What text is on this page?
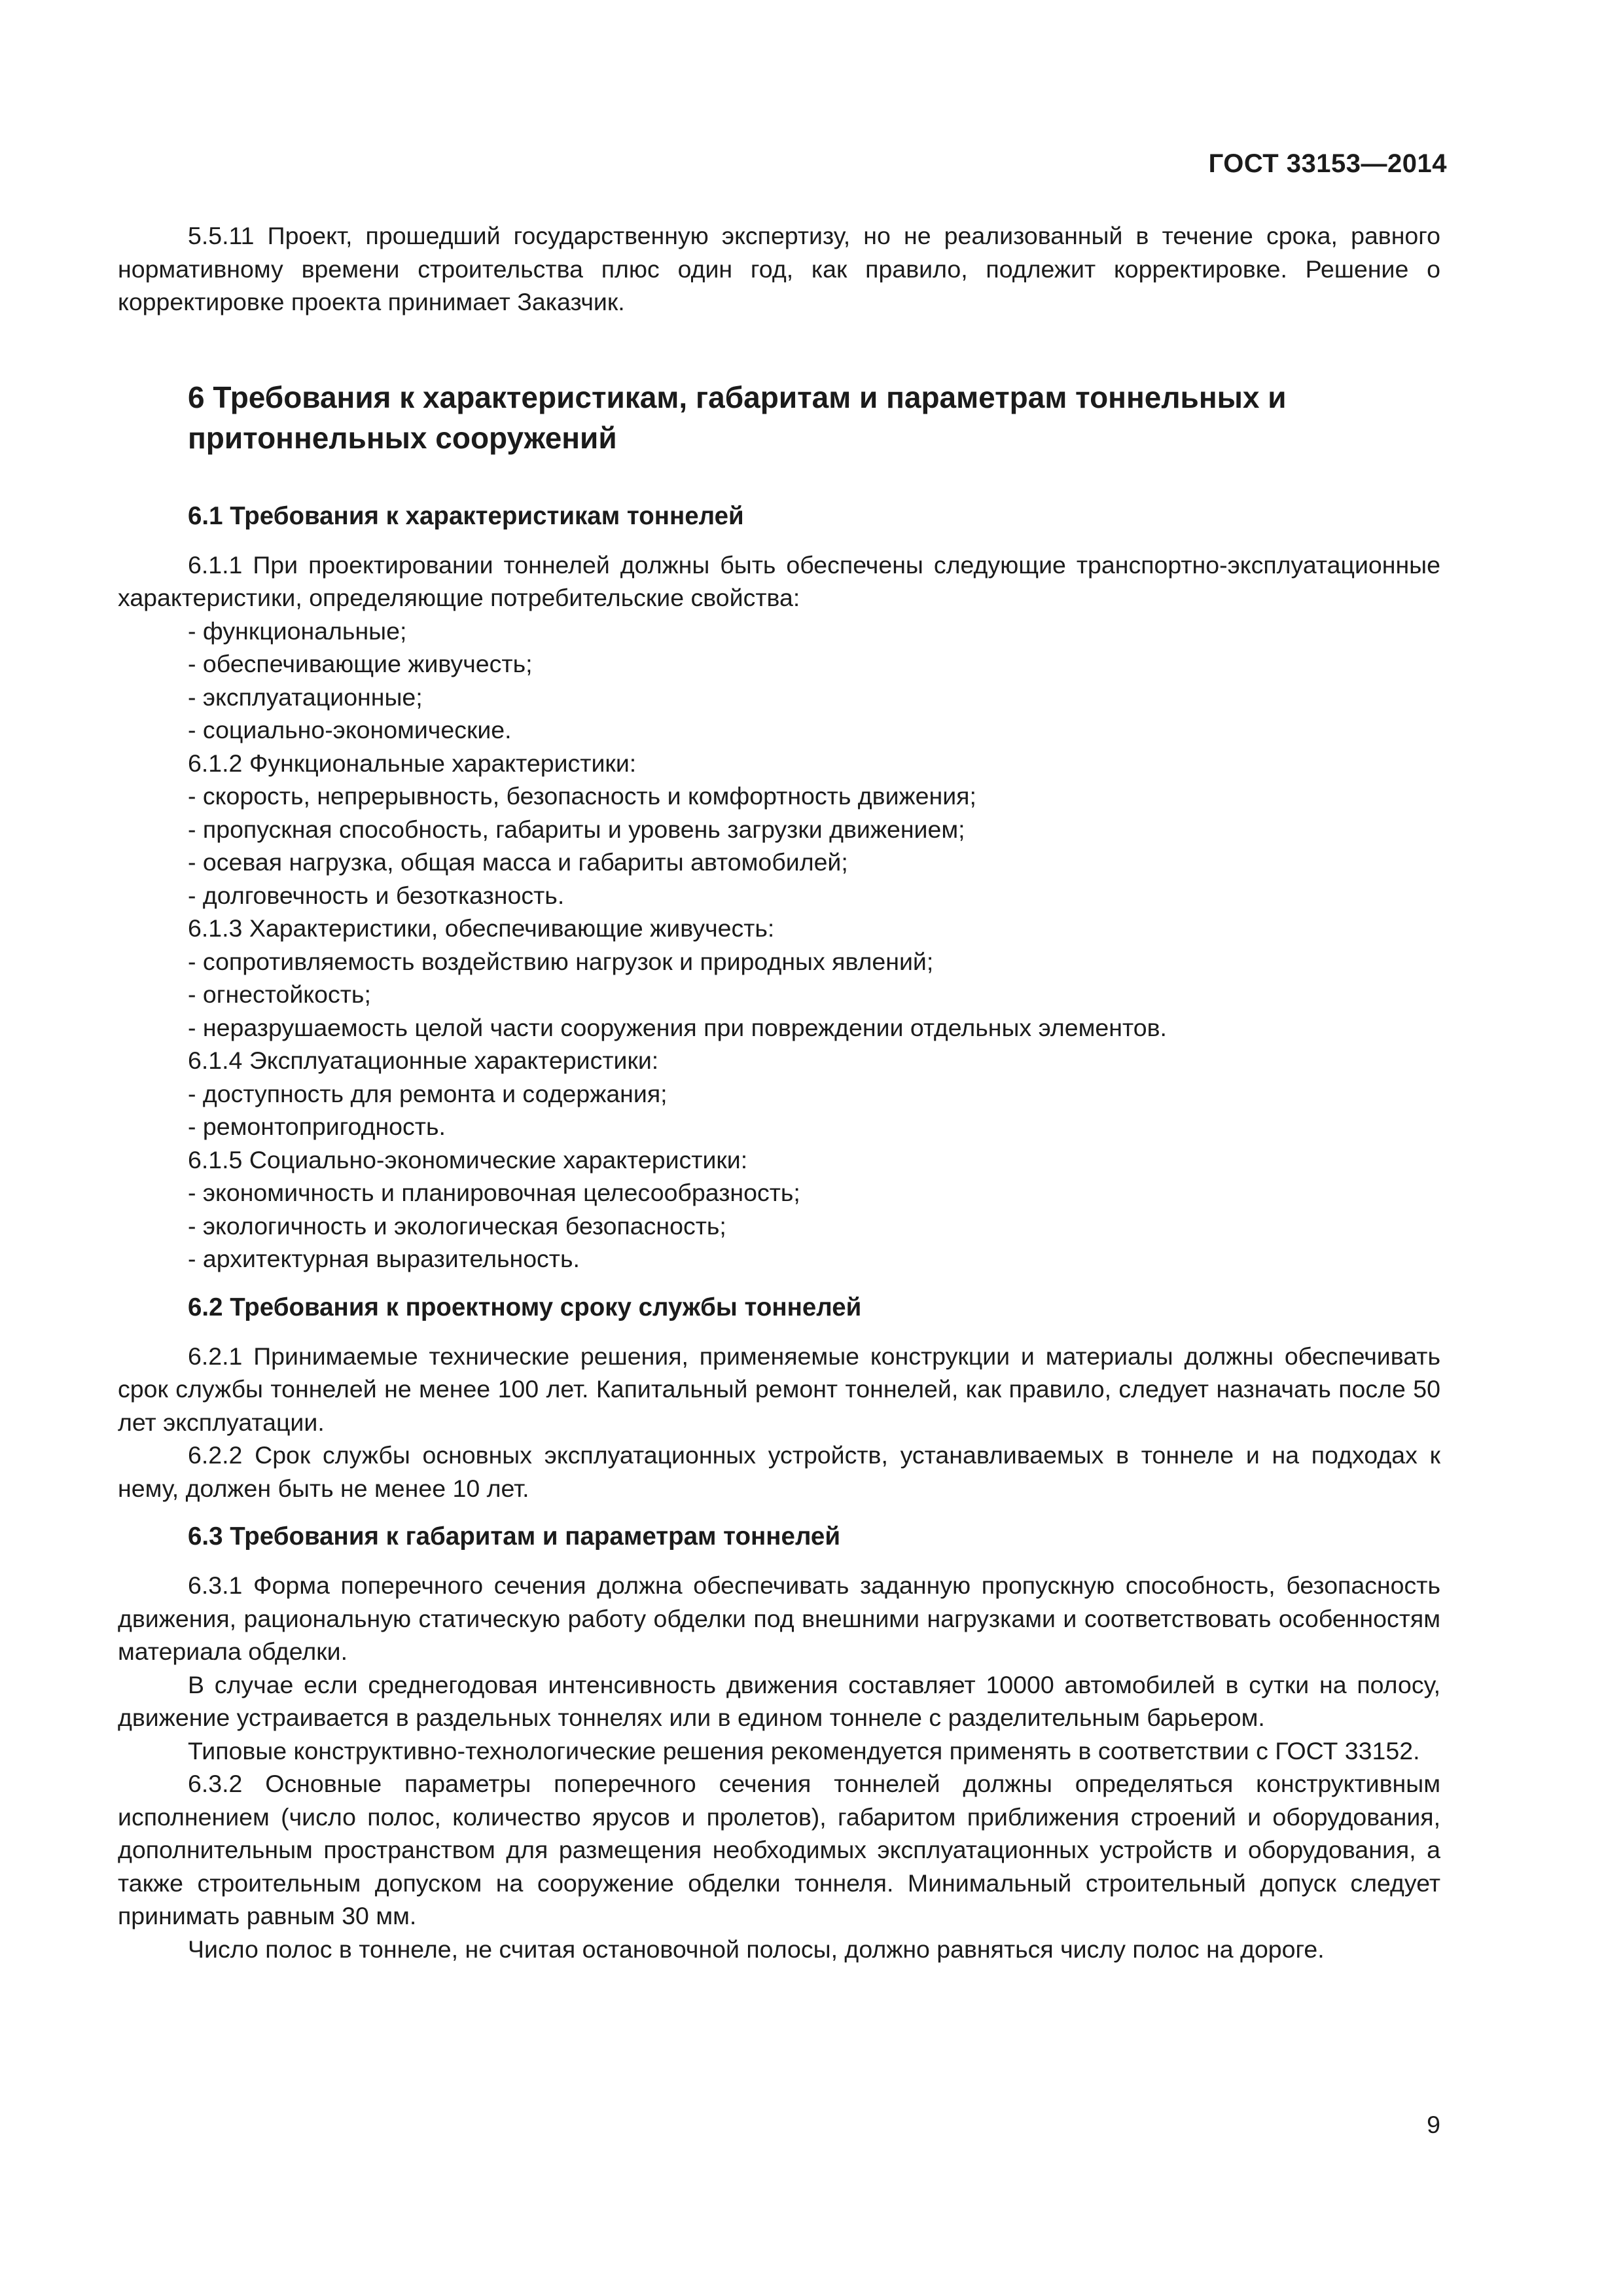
ГОСТ 33153—2014

5.5.11 Проект, прошедший государственную экспертизу, но не реализованный в течение срока, равного нормативному времени строительства плюс один год, как правило, подлежит корректировке. Решение о корректировке проекта принимает Заказчик.

6 Требования к характеристикам, габаритам и параметрам тоннельных и притоннельных сооружений
6.1 Требования к характеристикам тоннелей

6.1.1 При проектировании тоннелей должны быть обеспечены следующие транспортно-эксплуатационные характеристики, определяющие потребительские свойства:

- функциональные;
- обеспечивающие живучесть;
- эксплуатационные;
- социально-экономические.
6.1.2 Функциональные характеристики:
- скорость, непрерывность, безопасность и комфортность движения;
- пропускная способность, габариты и уровень загрузки движением;
- осевая нагрузка, общая масса и габариты автомобилей;
- долговечность и безотказность.
6.1.3 Характеристики, обеспечивающие живучесть:
- сопротивляемость воздействию нагрузок и природных явлений;
- огнестойкость;
- неразрушаемость целой части сооружения при повреждении отдельных элементов.
6.1.4 Эксплуатационные характеристики:
- доступность для ремонта и содержания;
- ремонтопригодность.
6.1.5 Социально-экономические характеристики:
- экономичность и планировочная целесообразность;
- экологичность и экологическая безопасность;
- архитектурная выразительность.
6.2 Требования к проектному сроку службы тоннелей

6.2.1 Принимаемые технические решения, применяемые конструкции и материалы должны обеспечивать срок службы тоннелей не менее 100 лет. Капитальный ремонт тоннелей, как правило, следует назначать после 50 лет эксплуатации.

6.2.2 Срок службы основных эксплуатационных устройств, устанавливаемых в тоннеле и на подходах к нему, должен быть не менее 10 лет.

6.3 Требования к габаритам и параметрам тоннелей

6.3.1 Форма поперечного сечения должна обеспечивать заданную пропускную способность, безопасность движения, рациональную статическую работу обделки под внешними нагрузками и соответствовать особенностям материала обделки.

В случае если среднегодовая интенсивность движения составляет 10000 автомобилей в сутки на полосу, движение устраивается в раздельных тоннелях или в едином тоннеле с разделительным барьером.

Типовые конструктивно-технологические решения рекомендуется применять в соответствии с ГОСТ 33152.

6.3.2 Основные параметры поперечного сечения тоннелей должны определяться конструктивным исполнением (число полос, количество ярусов и пролетов), габаритом приближения строений и оборудования, дополнительным пространством для размещения необходимых эксплуатационных устройств и оборудования, а также строительным допуском на сооружение обделки тоннеля. Минимальный строительный допуск следует принимать равным 30 мм.

Число полос в тоннеле, не считая остановочной полосы, должно равняться числу полос на дороге.

9
